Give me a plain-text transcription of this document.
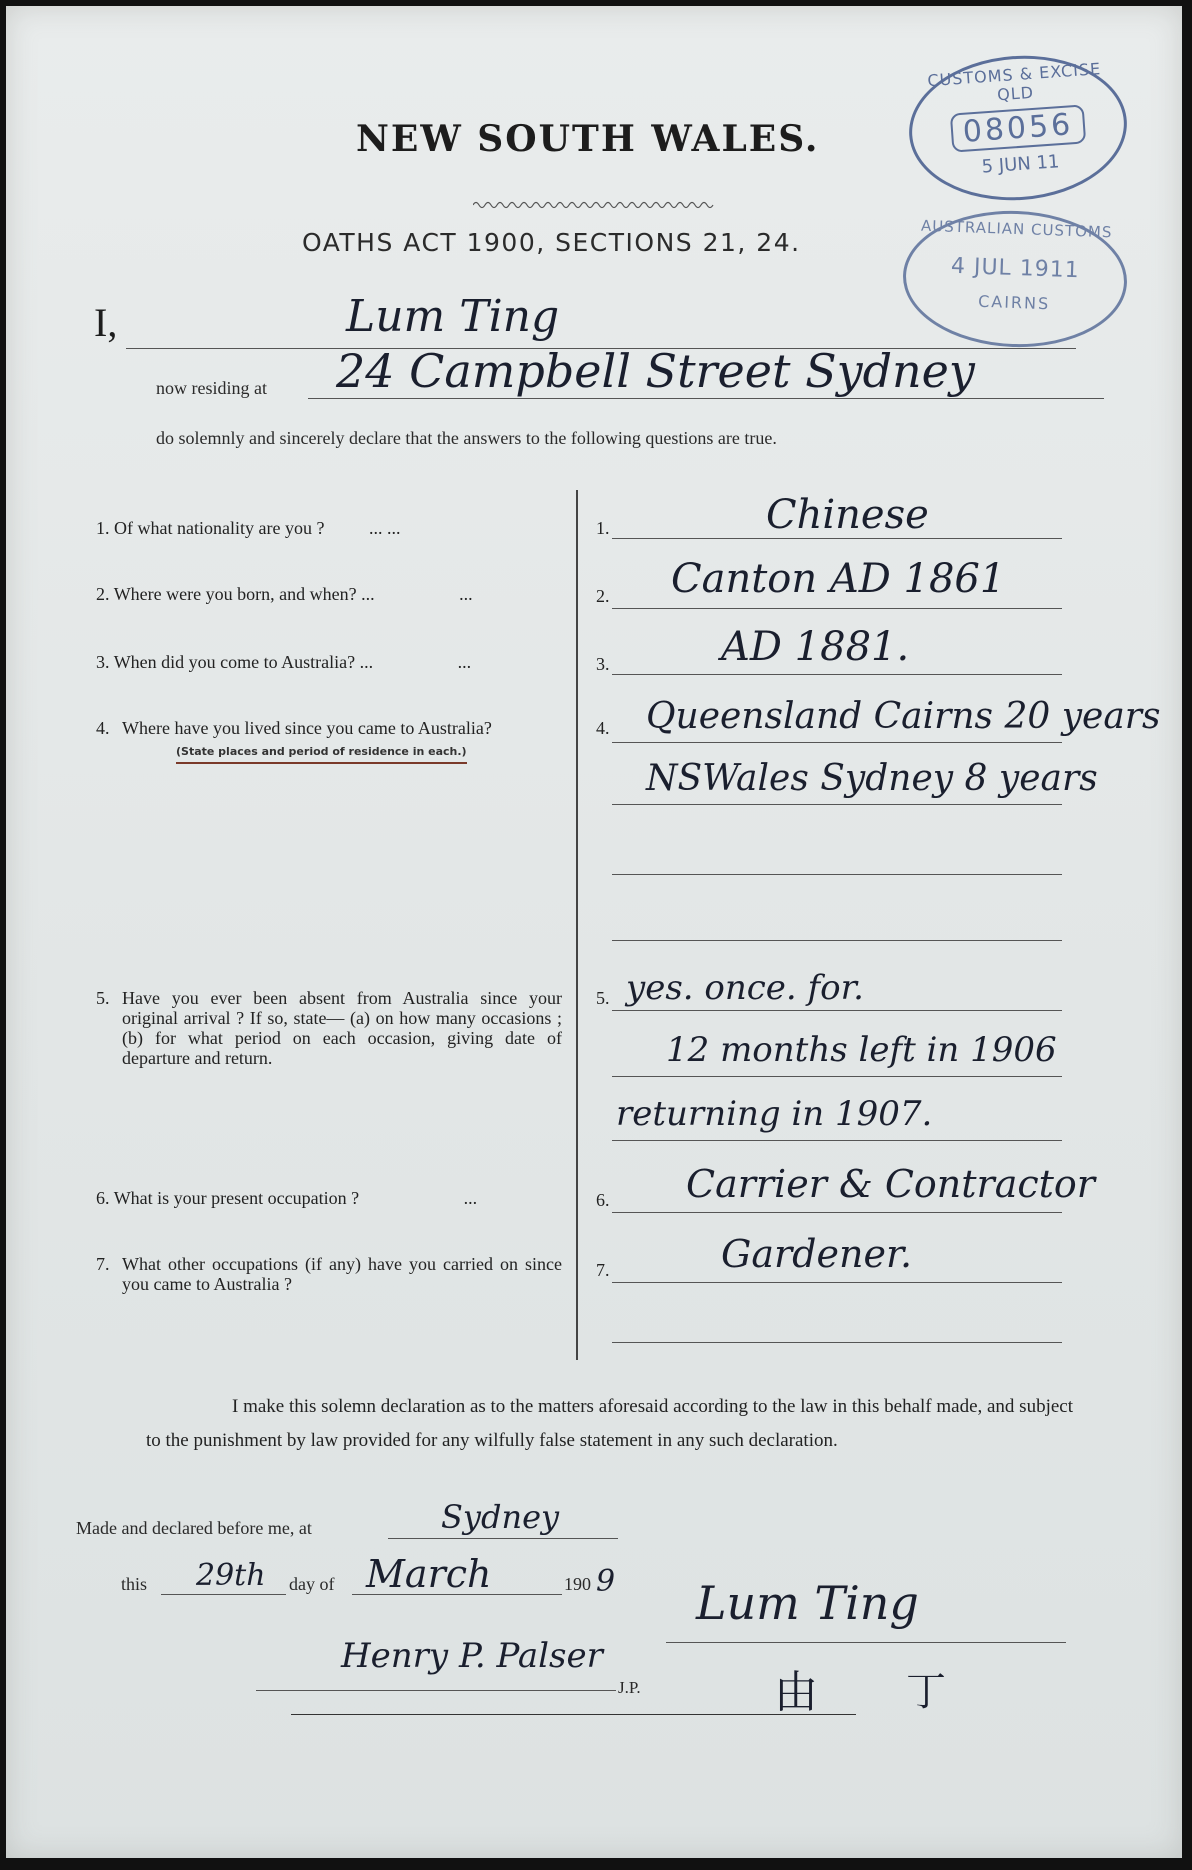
NEW SOUTH WALES.
OATHS ACT 1900, SECTIONS 21, 24.
CUSTOMS & EXCISE QLD
08056
5 JUN 11
AUSTRALIAN CUSTOMS
4 JUL 1911
CAIRNS
I,	Lum Ting
now residing at 24 Campbell Street Sydney
do solemnly and sincerely declare that the answers to the following questions are true.
1. Of what nationality are you ? ... ...	1.	Chinese
2. Where were you born, and when? ...	...	2. Canton AD 1861
3. When did you come to Australia? ...	...	3.	AD 1881.
4. Where have you lived since you came to Australia?
(State places and period of residence in each.)
4. Queensland Cairns 20 years
NSWales Sydney 8 years
5. Have you ever been absent from Australia since your original arrival ? If so, state— (a) on how many occasions ; (b) for what period on each occasion, giving date of departure and return.
5. yes. once. for.
12 months left in 1906
returning in 1907.
6. What is your present occupation ?	...	6. Carrier & Contractor
7. What other occupations (if any) have you carried on since you came to Australia ?
7.	Gardener.
I make this solemn declaration as to the matters aforesaid according to the law in this behalf made, and subject to the punishment by law provided for any wilfully false statement in any such declaration.
Made and declared before me, at	Sydney
this 29th day of March	190 9 Lum Ting
Henry P. Palser
J.P.	由 丁
